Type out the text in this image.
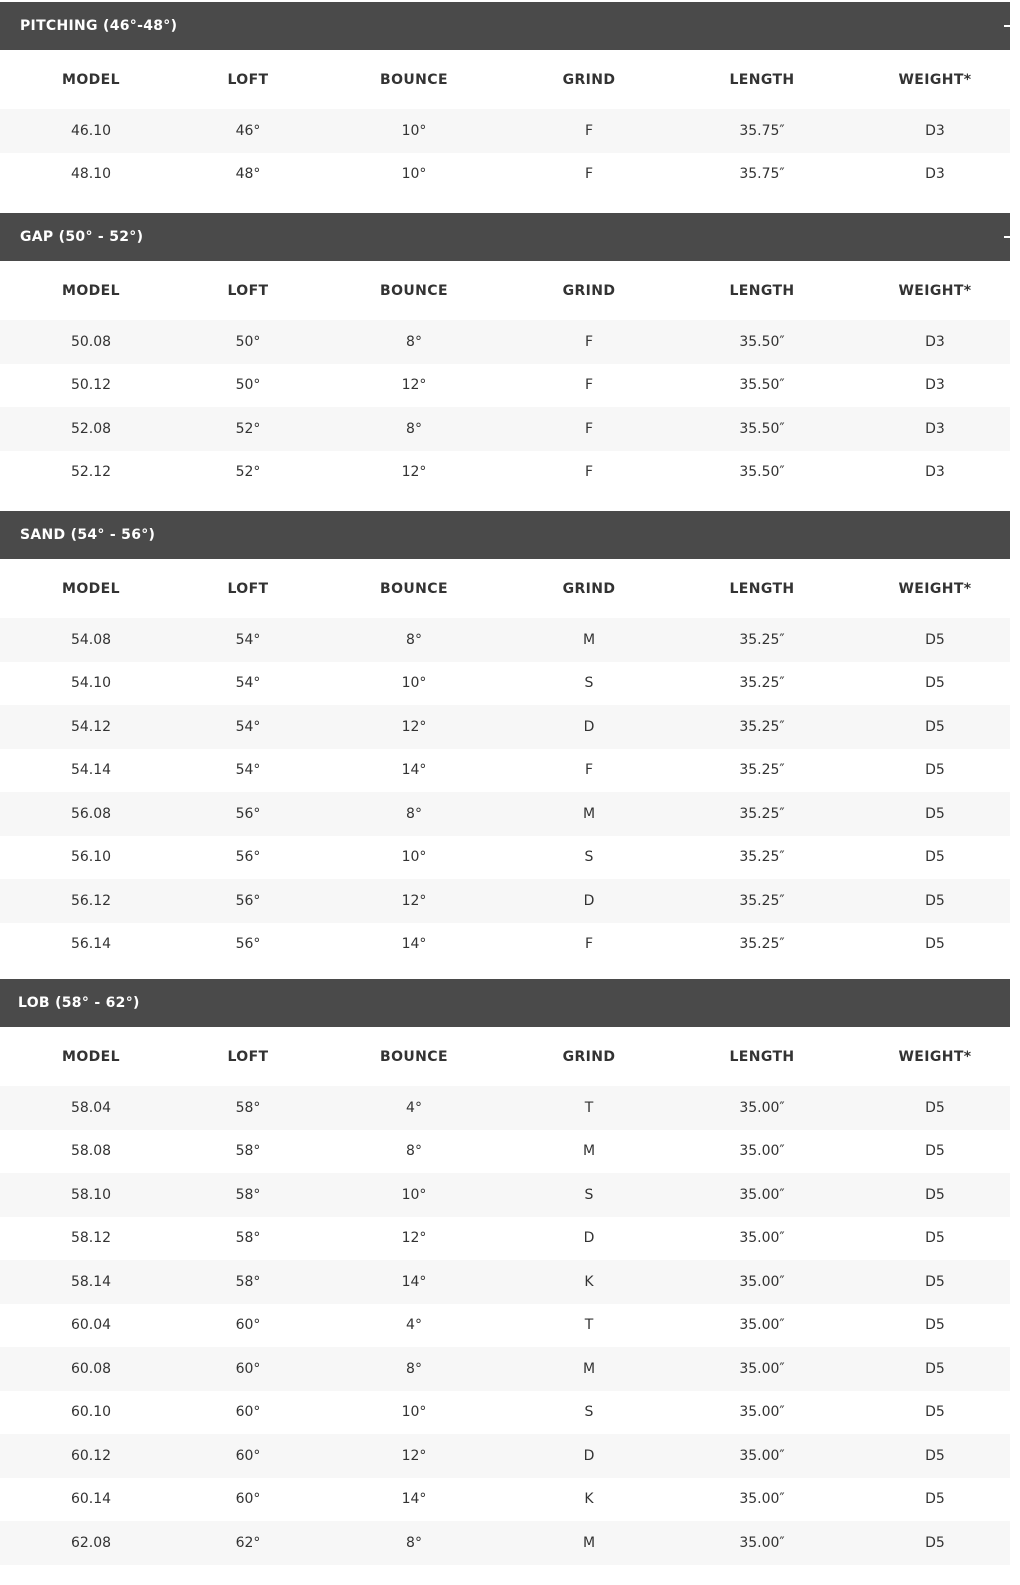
PITCHING (46°-48°)
MODEL	LOFT	BOUNCE	GRIND	LENGTH	WEIGHT*
46.10	46°	10°	F	35.75″	D3
48.10	48°	10°	F	35.75″	D3
GAP (50° - 52°)
MODEL	LOFT	BOUNCE	GRIND	LENGTH	WEIGHT*
50.08	50°	8°	F	35.50″	D3
50.12	50°	12°	F	35.50″	D3
52.08	52°	8°	F	35.50″	D3
52.12	52°	12°	F	35.50″	D3
SAND (54° - 56°)
MODEL	LOFT	BOUNCE	GRIND	LENGTH	WEIGHT*
54.08	54°	8°	M	35.25″	D5
54.10	54°	10°	S	35.25″	D5
54.12	54°	12°	D	35.25″	D5
54.14	54°	14°	F	35.25″	D5
56.08	56°	8°	M	35.25″	D5
56.10	56°	10°	S	35.25″	D5
56.12	56°	12°	D	35.25″	D5
56.14	56°	14°	F	35.25″	D5
LOB (58° - 62°)
MODEL	LOFT	BOUNCE	GRIND	LENGTH	WEIGHT*
58.04	58°	4°	T	35.00″	D5
58.08	58°	8°	M	35.00″	D5
58.10	58°	10°	S	35.00″	D5
58.12	58°	12°	D	35.00″	D5
58.14	58°	14°	K	35.00″	D5
60.04	60°	4°	T	35.00″	D5
60.08	60°	8°	M	35.00″	D5
60.10	60°	10°	S	35.00″	D5
60.12	60°	12°	D	35.00″	D5
60.14	60°	14°	K	35.00″	D5
62.08	62°	8°	M	35.00″	D5
